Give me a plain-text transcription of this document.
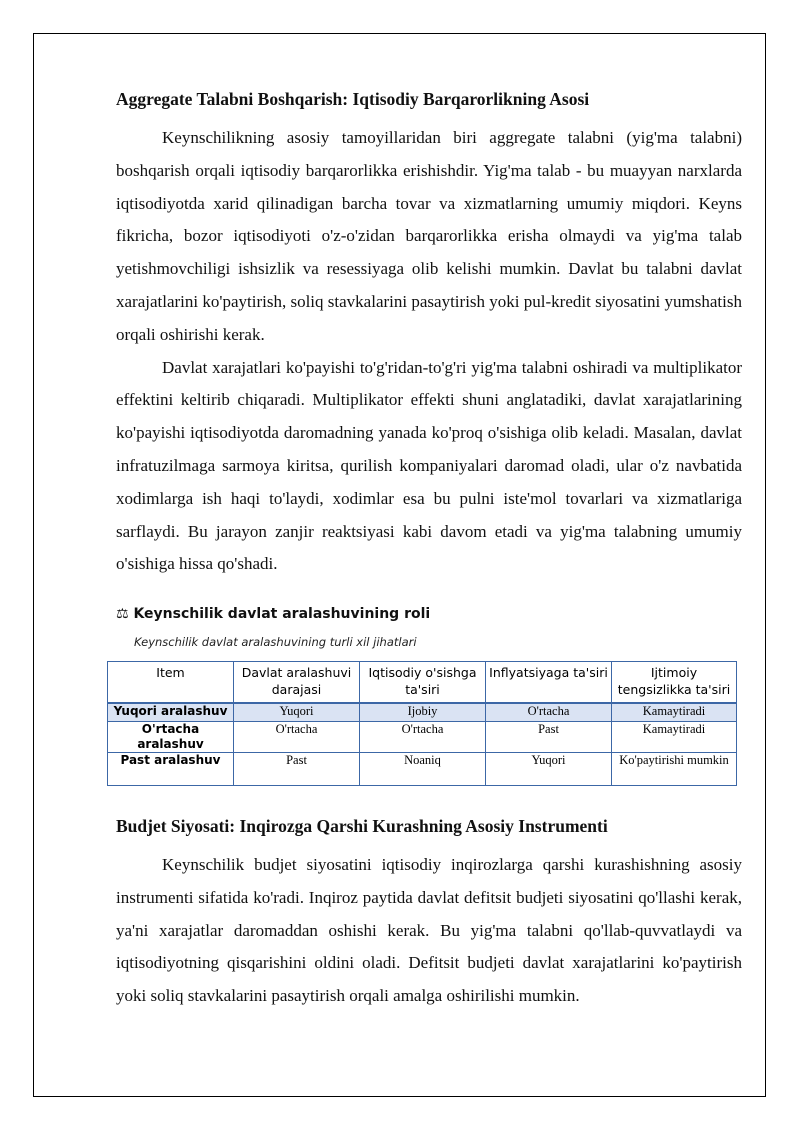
Aggregate Talabni Boshqarish: Iqtisodiy Barqarorlikning Asosi

Keynschilikning asosiy tamoyillaridan biri aggregate talabni (yig'ma talabni) boshqarish orqali iqtisodiy barqarorlikka erishishdir. Yig'ma talab - bu muayyan narxlarda iqtisodiyotda xarid qilinadigan barcha tovar va xizmatlarning umumiy miqdori. Keyns fikricha, bozor iqtisodiyoti o'z-o'zidan barqarorlikka erisha olmaydi va yig'ma talab yetishmovchiligi ishsizlik va resessiyaga olib kelishi mumkin. Davlat bu talabni davlat xarajatlarini ko'paytirish, soliq stavkalarini pasaytirish yoki pul-kredit siyosatini yumshatish orqali oshirishi kerak.

Davlat xarajatlari ko'payishi to'g'ridan-to'g'ri yig'ma talabni oshiradi va multiplikator effektini keltirib chiqaradi. Multiplikator effekti shuni anglatadiki, davlat xarajatlarining ko'payishi iqtisodiyotda daromadning yanada ko'proq o'sishiga olib keladi. Masalan, davlat infratuzilmaga sarmoya kiritsa, qurilish kompaniyalari daromad oladi, ular o'z navbatida xodimlarga ish haqi to'laydi, xodimlar esa bu pulni iste'mol tovarlari va xizmatlariga sarflaydi. Bu jarayon zanjir reaktsiyasi kabi davom etadi va yig'ma talabning umumiy o'sishiga hissa qo'shadi.

⚖ Keynschilik davlat aralashuvining roli
Keynschilik davlat aralashuvining turli xil jihatlari
Item	Davlat aralashuvi darajasi	Iqtisodiy o'sishga ta'siri	Inflyatsiyaga ta'siri	Ijtimoiy tengsizlikka ta'siri
Yuqori aralashuv	Yuqori	Ijobiy	O'rtacha	Kamaytiradi
O'rtacha aralashuv	O'rtacha	O'rtacha	Past	Kamaytiradi
Past aralashuv	Past	Noaniq	Yuqori	Ko'paytirishi mumkin
Budjet Siyosati: Inqirozga Qarshi Kurashning Asosiy Instrumenti

Keynschilik budjet siyosatini iqtisodiy inqirozlarga qarshi kurashishning asosiy instrumenti sifatida ko'radi. Inqiroz paytida davlat defitsit budjeti siyosatini qo'llashi kerak, ya'ni xarajatlar daromaddan oshishi kerak. Bu yig'ma talabni qo'llab-quvvatlaydi va iqtisodiyotning qisqarishini oldini oladi. Defitsit budjeti davlat xarajatlarini ko'paytirish yoki soliq stavkalarini pasaytirish orqali amalga oshirilishi mumkin.
